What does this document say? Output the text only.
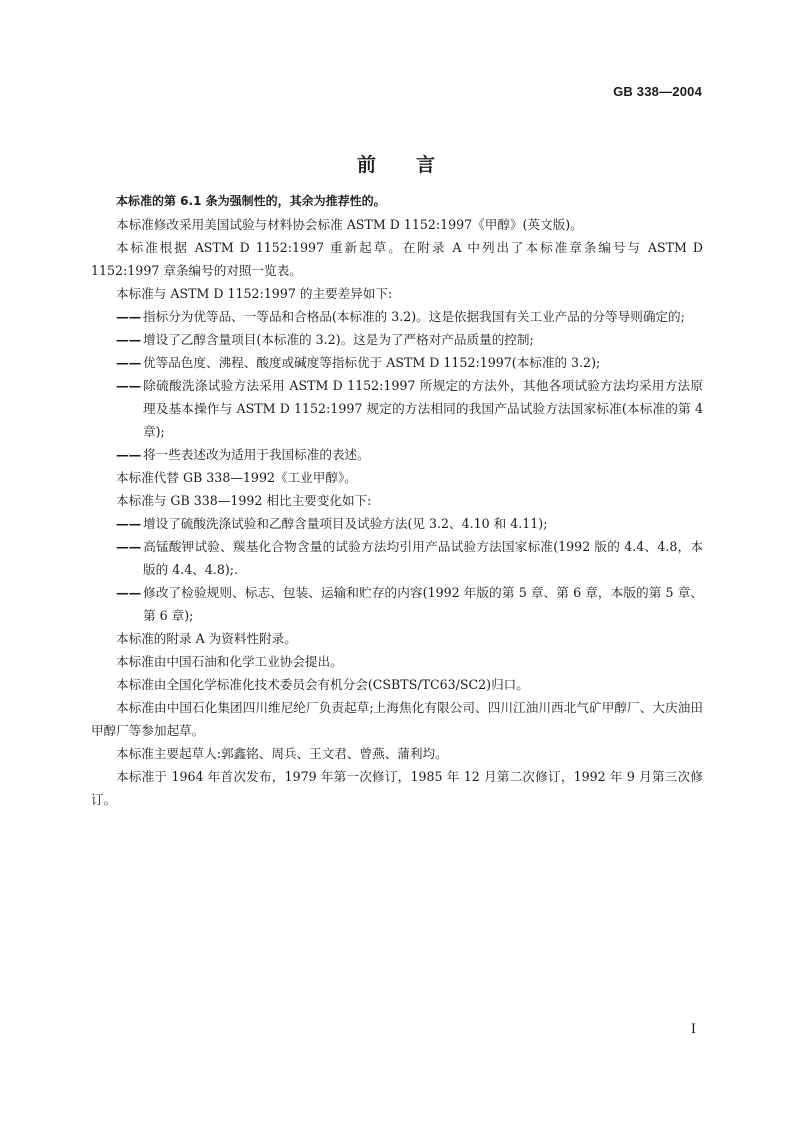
GB 338—2004
前 言

本标准的第 6.1 条为强制性的，其余为推荐性的。

本标准修改采用美国试验与材料协会标准 ASTM D 1152:1997《甲醇》(英文版)。

本标准根据 ASTM D 1152:1997 重新起草。在附录 A 中列出了本标准章条编号与 ASTM D 1152:1997 章条编号的对照一览表。

本标准与 ASTM D 1152:1997 的主要差异如下:

—— 指标分为优等品、一等品和合格品(本标准的 3.2)。这是依据我国有关工业产品的分等导则确定的;

—— 增设了乙醇含量项目(本标准的 3.2)。这是为了严格对产品质量的控制;

—— 优等品色度、沸程、酸度或碱度等指标优于 ASTM D 1152:1997(本标准的 3.2);

—— 除硫酸洗涤试验方法采用 ASTM D 1152:1997 所规定的方法外，其他各项试验方法均采用方法原理及基本操作与 ASTM D 1152:1997 规定的方法相同的我国产品试验方法国家标准(本标准的第 4 章);

—— 将一些表述改为适用于我国标准的表述。

本标准代替 GB 338—1992《工业甲醇》。

本标准与 GB 338—1992 相比主要变化如下:

—— 增设了硫酸洗涤试验和乙醇含量项目及试验方法(见 3.2、4.10 和 4.11);

—— 高锰酸钾试验、羰基化合物含量的试验方法均引用产品试验方法国家标准(1992 版的 4.4、4.8，本版的 4.4、4.8);.

—— 修改了检验规则、标志、包装、运输和贮存的内容(1992 年版的第 5 章、第 6 章，本版的第 5 章、第 6 章);

本标准的附录 A 为资料性附录。

本标准由中国石油和化学工业协会提出。

本标准由全国化学标准化技术委员会有机分会(CSBTS/TC63/SC2)归口。

本标准由中国石化集团四川维尼纶厂负责起草;上海焦化有限公司、四川江油川西北气矿甲醇厂、大庆油田甲醇厂等参加起草。

本标准主要起草人:郭鑫铭、周兵、王文君、曾燕、蒲利均。

本标准于 1964 年首次发布，1979 年第一次修订，1985 年 12 月第二次修订，1992 年 9 月第三次修订。

I
